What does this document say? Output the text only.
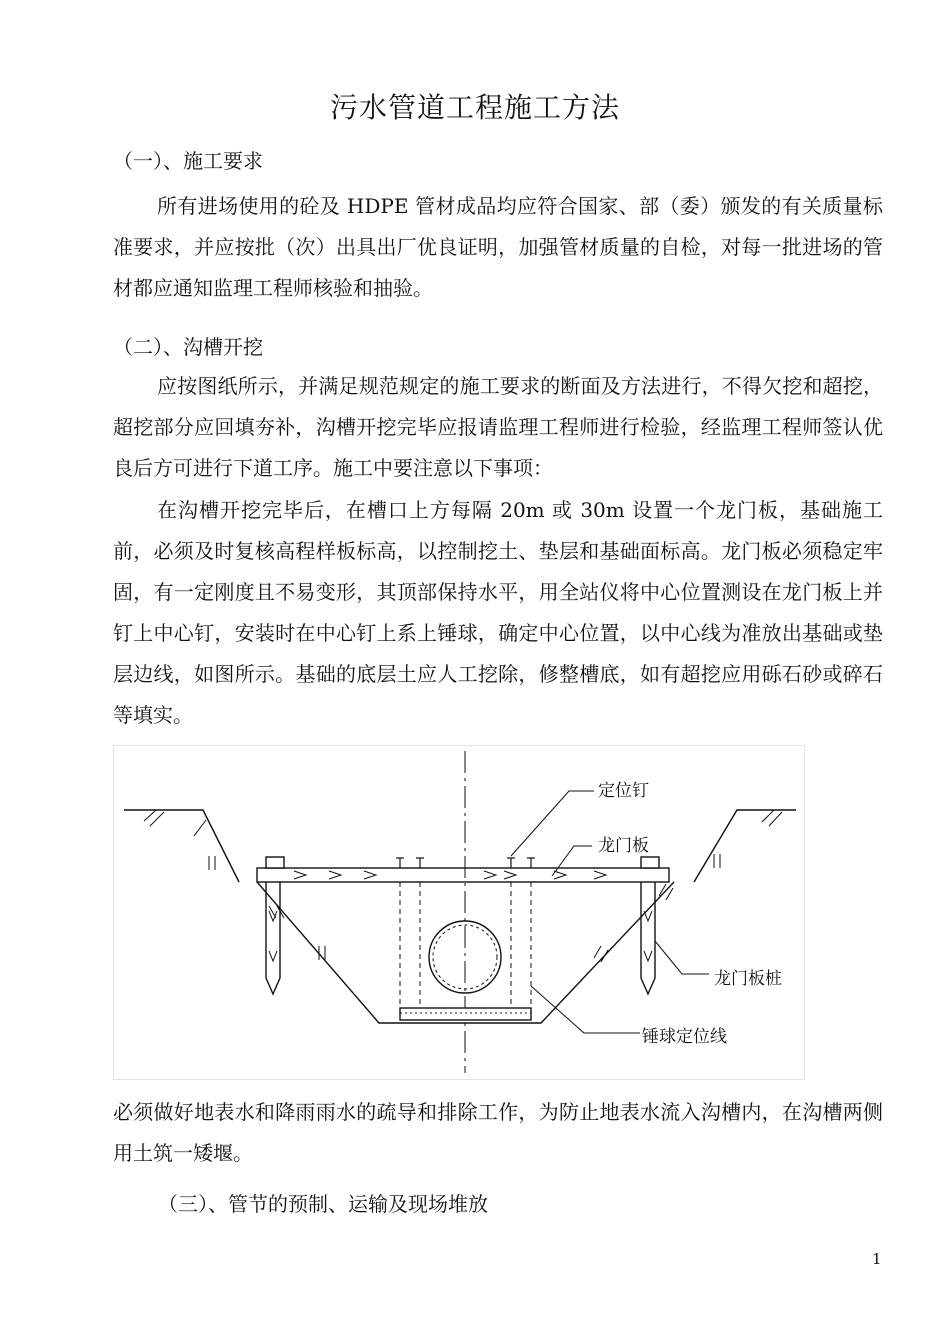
污水管道工程施工方法
（一）、施工要求

所有进场使用的砼及 HDPE 管材成品均应符合国家、部（委）颁发的有关质量标准要求，并应按批（次）出具出厂优良证明，加强管材质量的自检，对每一批进场的管材都应通知监理工程师核验和抽验。

（二）、沟槽开挖

应按图纸所示，并满足规范规定的施工要求的断面及方法进行，不得欠挖和超挖，超挖部分应回填夯补，沟槽开挖完毕应报请监理工程师进行检验，经监理工程师签认优良后方可进行下道工序。施工中要注意以下事项：

在沟槽开挖完毕后，在槽口上方每隔 20m 或 30m 设置一个龙门板，基础施工前，必须及时复核高程样板标高，以控制挖土、垫层和基础面标高。龙门板必须稳定牢固，有一定刚度且不易变形，其顶部保持水平，用全站仪将中心位置测设在龙门板上并钉上中心钉，安装时在中心钉上系上锤球，确定中心位置，以中心线为准放出基础或垫层边线，如图所示。基础的底层土应人工挖除，修整槽底，如有超挖应用砾石砂或碎石等填实。

定位钉
龙门板
龙门板桩
锤球定位线

必须做好地表水和降雨雨水的疏导和排除工作，为防止地表水流入沟槽内，在沟槽两侧用土筑一矮堰。

（三）、管节的预制、运输及现场堆放
1
